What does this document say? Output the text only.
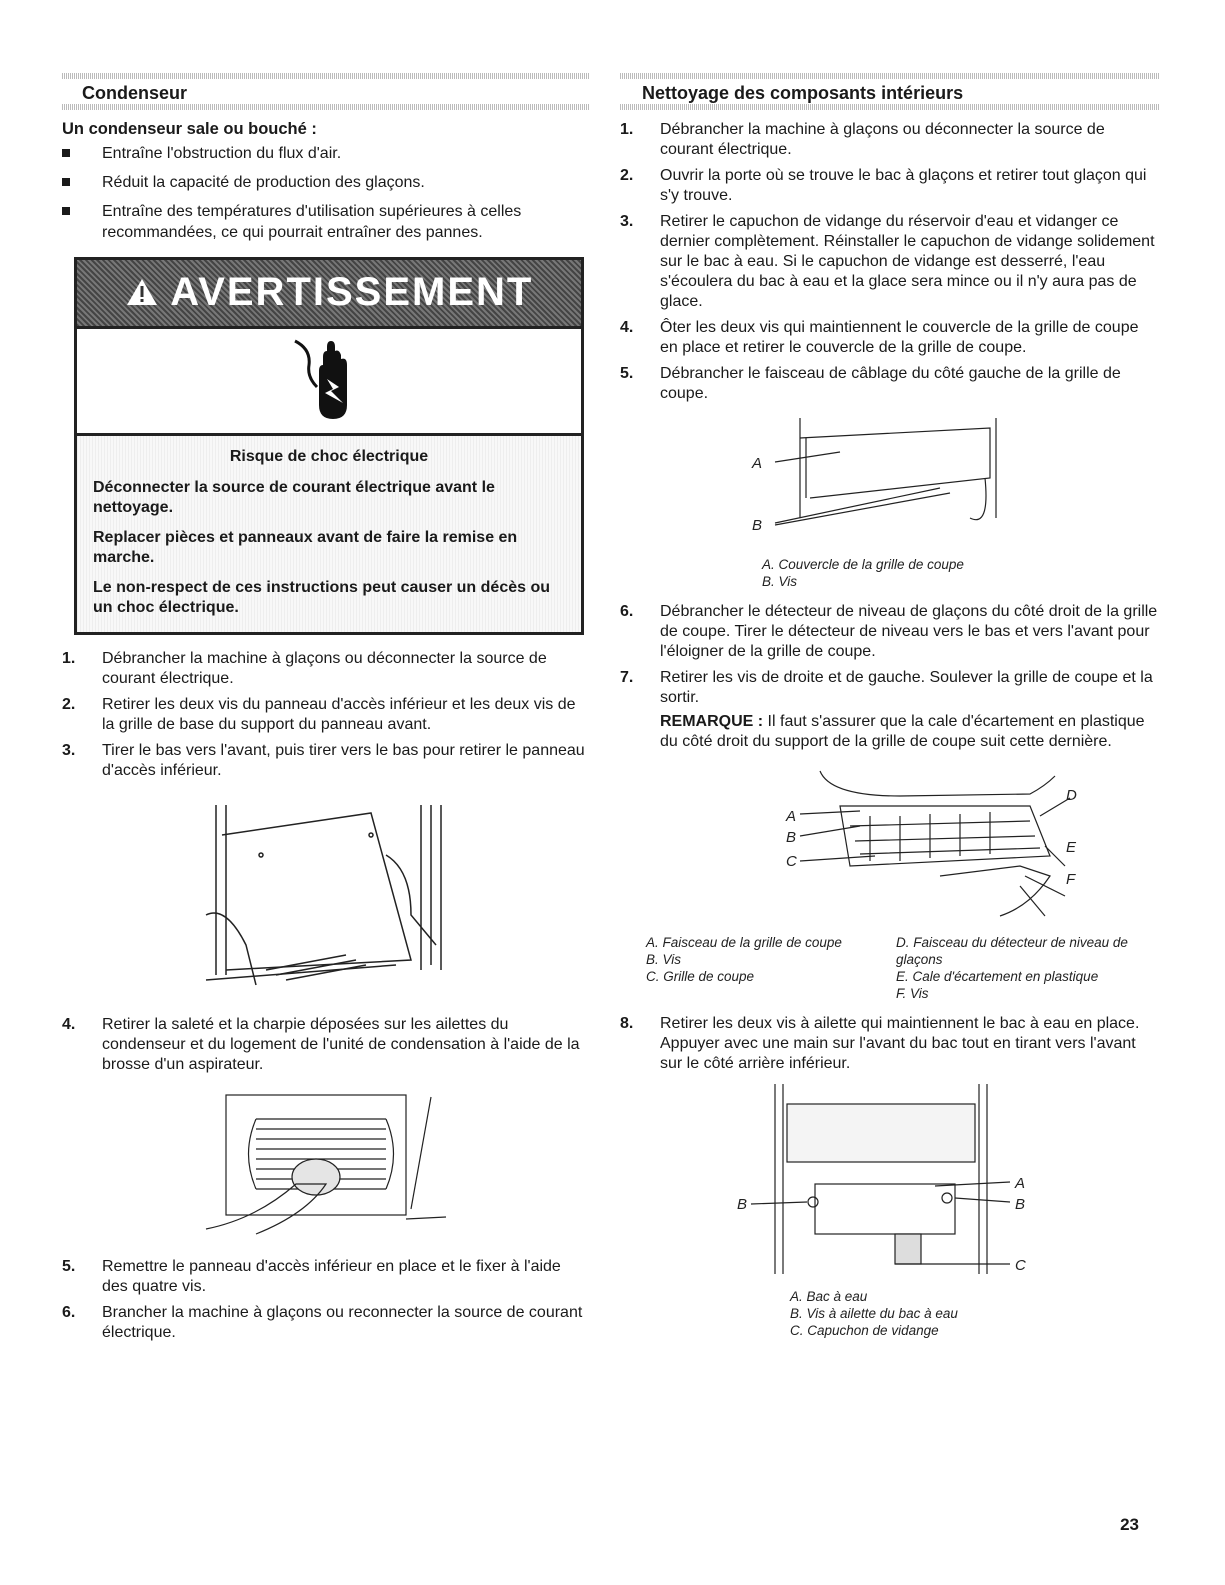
Condenseur
Un condenseur sale ou bouché :
Entraîne l'obstruction du flux d'air.
Réduit la capacité de production des glaçons.
Entraîne des températures d'utilisation supérieures à celles recommandées, ce qui pourrait entraîner des pannes.
AVERTISSEMENT
Risque de choc électrique

Déconnecter la source de courant électrique avant le nettoyage.

Replacer pièces et panneaux avant de faire la remise en marche.

Le non-respect de ces instructions peut causer un décès ou un choc électrique.

1. Débrancher la machine à glaçons ou déconnecter la source de courant électrique.
2. Retirer les deux vis du panneau d'accès inférieur et les deux vis de la grille de base du support du panneau avant.
3. Tirer le bas vers l'avant, puis tirer vers le bas pour retirer le panneau d'accès inférieur.
4. Retirer la saleté et la charpie déposées sur les ailettes du condenseur et du logement de l'unité de condensation à l'aide de la brosse d'un aspirateur.
5. Remettre le panneau d'accès inférieur en place et le fixer à l'aide des quatre vis.
6. Brancher la machine à glaçons ou reconnecter la source de courant électrique.
Nettoyage des composants intérieurs
1. Débrancher la machine à glaçons ou déconnecter la source de courant électrique.
2. Ouvrir la porte où se trouve le bac à glaçons et retirer tout glaçon qui s'y trouve.
3. Retirer le capuchon de vidange du réservoir d'eau et vidanger ce dernier complètement. Réinstaller le capuchon de vidange solidement sur le bac à eau. Si le capuchon de vidange est desserré, l'eau s'écoulera du bac à eau et la glace sera mince ou il n'y aura pas de glace.
4. Ôter les deux vis qui maintiennent le couvercle de la grille de coupe en place et retirer le couvercle de la grille de coupe.
5. Débrancher le faisceau de câblage du côté gauche de la grille de coupe.
A
B
A. Couvercle de la grille de coupe
B. Vis
6. Débrancher le détecteur de niveau de glaçons du côté droit de la grille de coupe. Tirer le détecteur de niveau vers le bas et vers l'avant pour l'éloigner de la grille de coupe.
7. Retirer les vis de droite et de gauche. Soulever la grille de coupe et la sortir.
REMARQUE : Il faut s'assurer que la cale d'écartement en plastique du côté droit du support de la grille de coupe suit cette dernière.
A
B
C
D
E
F
A. Faisceau de la grille de coupe
B. Vis
C. Grille de coupe
D. Faisceau du détecteur de niveau de glaçons
E. Cale d'écartement en plastique
F. Vis
8. Retirer les deux vis à ailette qui maintiennent le bac à eau en place. Appuyer avec une main sur l'avant du bac tout en tirant vers l'avant sur le côté arrière inférieur.
A
B	B
C
A. Bac à eau
B. Vis à ailette du bac à eau
C. Capuchon de vidange
23
